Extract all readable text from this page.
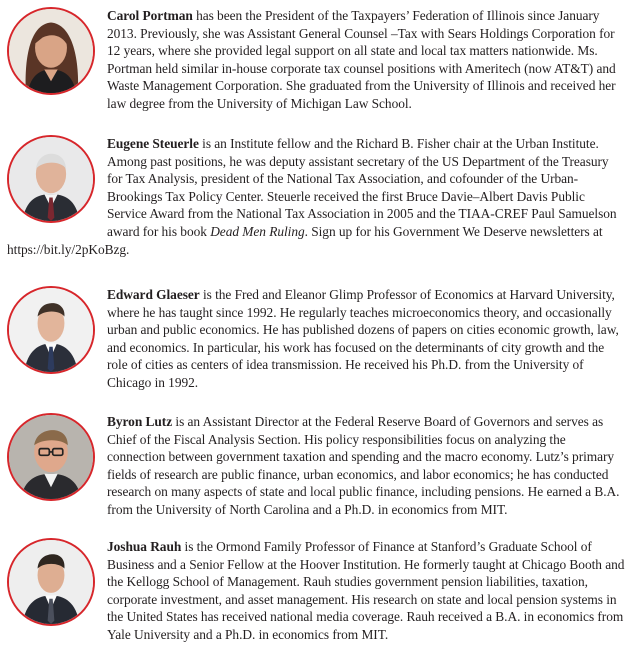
Carol Portman has been the President of the Taxpayers’ Federation of Illinois since January 2013. Previously, she was Assistant General Counsel –Tax with Sears Holdings Corporation for 12 years, where she provided legal support on all state and local tax matters nationwide. Ms. Portman held similar in-house corporate tax counsel positions with Ameritech (now AT&T) and Waste Management Corporation. She graduated from the University of Illinois and received her law degree from the University of Michigan Law School.
Eugene Steuerle is an Institute fellow and the Richard B. Fisher chair at the Urban Institute. Among past positions, he was deputy assistant secretary of the US Department of the Treasury for Tax Analysis, president of the National Tax Association, and cofounder of the Urban-Brookings Tax Policy Center. Steuerle received the first Bruce Davie–Albert Davis Public Service Award from the National Tax Association in 2005 and the TIAA-CREF Paul Samuelson award for his book Dead Men Ruling. Sign up for his Government We Deserve newsletters at https://bit.ly/2pKoBzg.
Edward Glaeser is the Fred and Eleanor Glimp Professor of Economics at Harvard University, where he has taught since 1992. He regularly teaches microeconomics theory, and occasionally urban and public economics. He has published dozens of papers on cities economic growth, law, and economics. In particular, his work has focused on the determinants of city growth and the role of cities as centers of idea transmission. He received his Ph.D. from the University of Chicago in 1992.
Byron Lutz is an Assistant Director at the Federal Reserve Board of Governors and serves as Chief of the Fiscal Analysis Section. His policy responsibilities focus on analyzing the connection between government taxation and spending and the macro economy. Lutz’s primary fields of research are public finance, urban economics, and labor economics; he has conducted research on many aspects of state and local public finance, including pensions. He earned a B.A. from the University of North Carolina and a Ph.D. in economics from MIT.
Joshua Rauh is the Ormond Family Professor of Finance at Stanford’s Graduate School of Business and a Senior Fellow at the Hoover Institution. He formerly taught at Chicago Booth and the Kellogg School of Management. Rauh studies government pension liabilities, taxation, corporate investment, and asset management. His research on state and local pension systems in the United States has received national media coverage. Rauh received a B.A. in economics from Yale University and a Ph.D. in economics from MIT.
